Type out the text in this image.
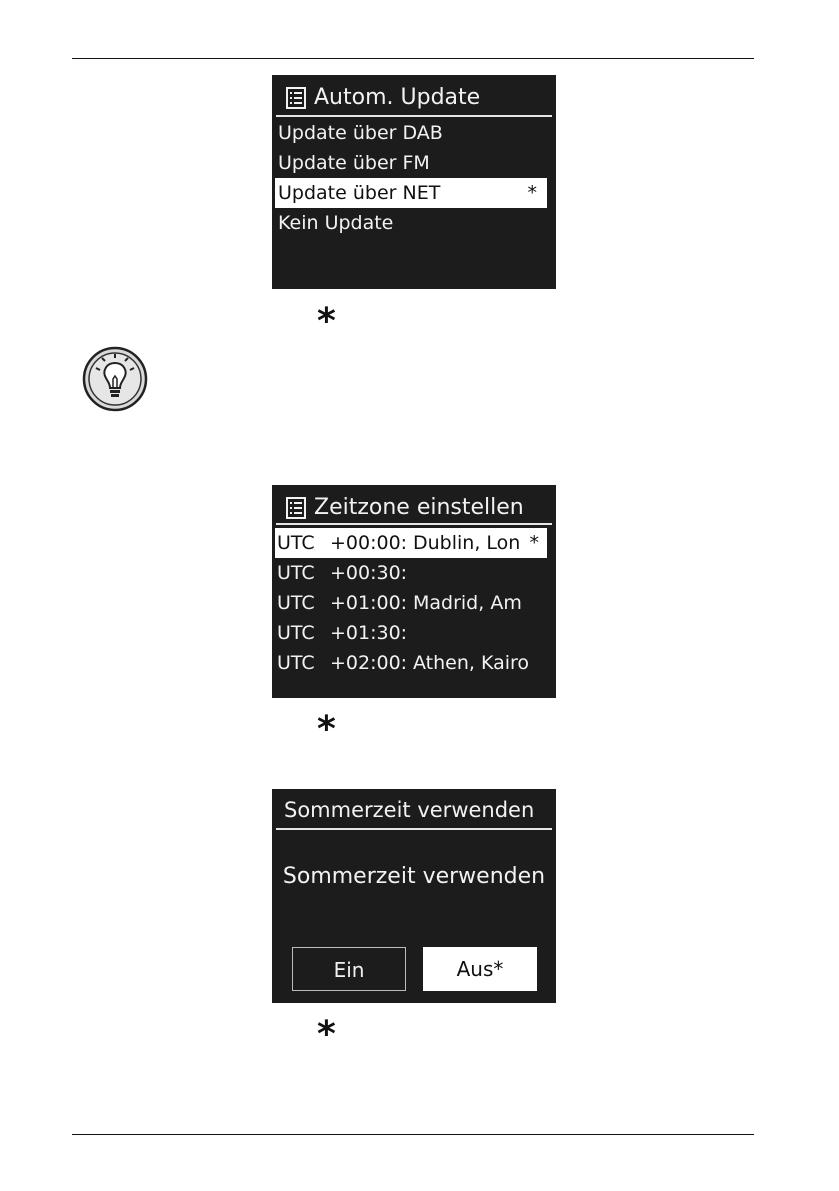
Autom. Update
Update über DAB
Update über FM
Update über NET	*
Kein Update
*
Zeitzone einstellen
UTC +00:00: Dublin, Lon *
UTC +00:30:
UTC +01:00: Madrid, Am
UTC +01:30:
UTC +02:00: Athen, Kairo
*
Sommerzeit verwenden
Sommerzeit verwenden
Ein	Aus*
*
